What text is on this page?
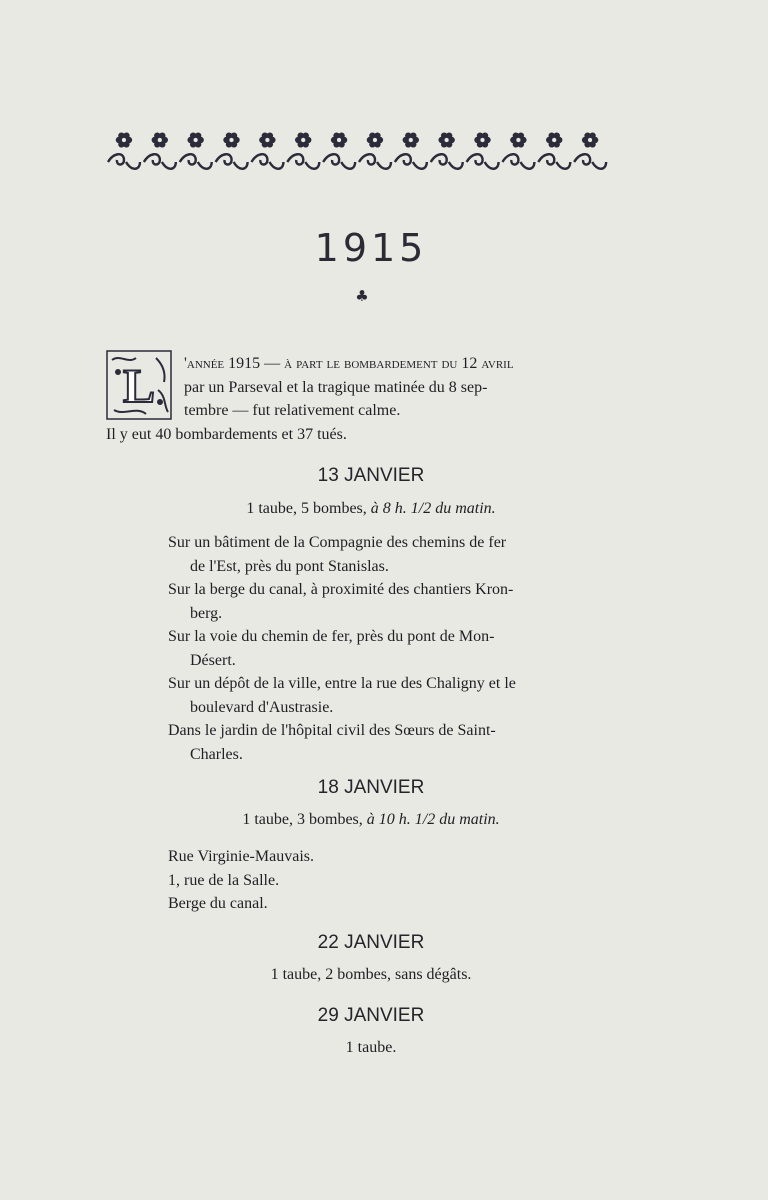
1915
♣
L	'année 1915 — à part le bombardement du 12 avril

par un Parseval et la tragique matinée du 8 sep-

tembre — fut relativement calme.

Il y eut 40 bombardements et 37 tués.

13 JANVIER
1 taube, 5 bombes, à 8 h. 1/2 du matin.
Sur un bâtiment de la Compagnie des chemins de fer
de l'Est, près du pont Stanislas.
Sur la berge du canal, à proximité des chantiers Kron-
berg.
Sur la voie du chemin de fer, près du pont de Mon-
Désert.
Sur un dépôt de la ville, entre la rue des Chaligny et le
boulevard d'Austrasie.
Dans le jardin de l'hôpital civil des Sœurs de Saint-
Charles.
18 JANVIER
1 taube, 3 bombes, à 10 h. 1/2 du matin.
Rue Virginie-Mauvais.
1, rue de la Salle.
Berge du canal.
22 JANVIER
1 taube, 2 bombes, sans dégâts.
29 JANVIER
1 taube.
